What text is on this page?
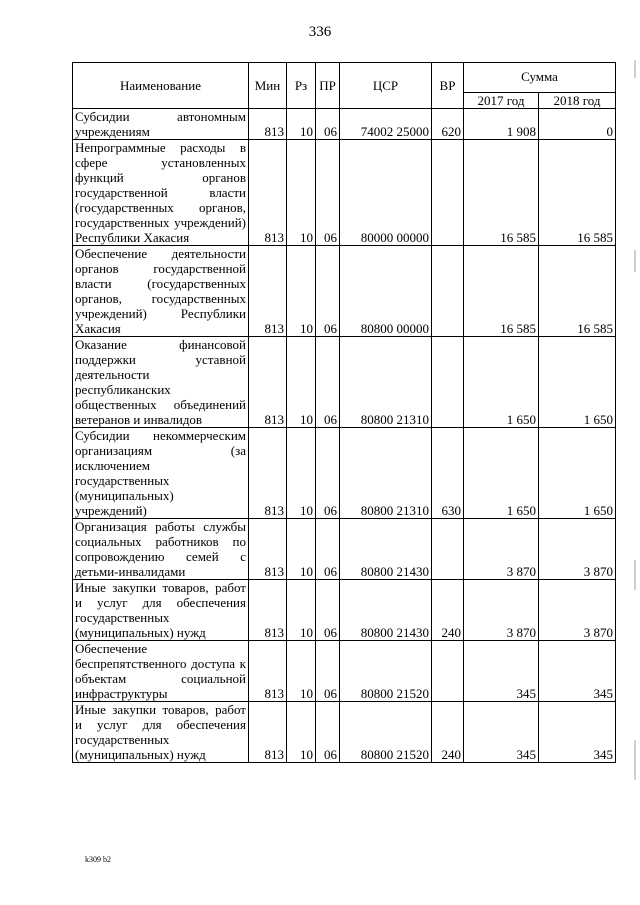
336
Наименование	Мин	Рз	ПР	ЦСР	ВР	Сумма	

						2017 год	2018 год
Субсидии автономным учреждениям	813	10	06	74002 25000	620	1 908	0
Непрограммные расходы в сфере установленных функций органов государственной власти (государственных органов, государственных учреждений) Республики Хакасия	813	10	06	80000 00000		16 585	16 585
Обеспечение деятельности органов государственной власти (государственных органов, государственных учреждений) Республики Хакасия	813	10	06	80800 00000		16 585	16 585
Оказание финансовой поддержки уставной деятельности республиканских общественных объединений ветеранов и инвалидов	813	10	06	80800 21310		1 650	1 650
Субсидии некоммерческим организациям (за исключением государственных (муниципальных) учреждений)	813	10	06	80800 21310	630	1 650	1 650
Организация работы службы социальных работников по сопровождению семей с детьми-инвалидами	813	10	06	80800 21430		3 870	3 870
Иные закупки товаров, работ и услуг для обеспечения государственных (муниципальных) нужд	813	10	06	80800 21430	240	3 870	3 870
Обеспечение беспрепятственного доступа к объектам социальной инфраструктуры	813	10	06	80800 21520		345	345
Иные закупки товаров, работ и услуг для обеспечения государственных (муниципальных) нужд	813	10	06	80800 21520	240	345	345
k309 b2
